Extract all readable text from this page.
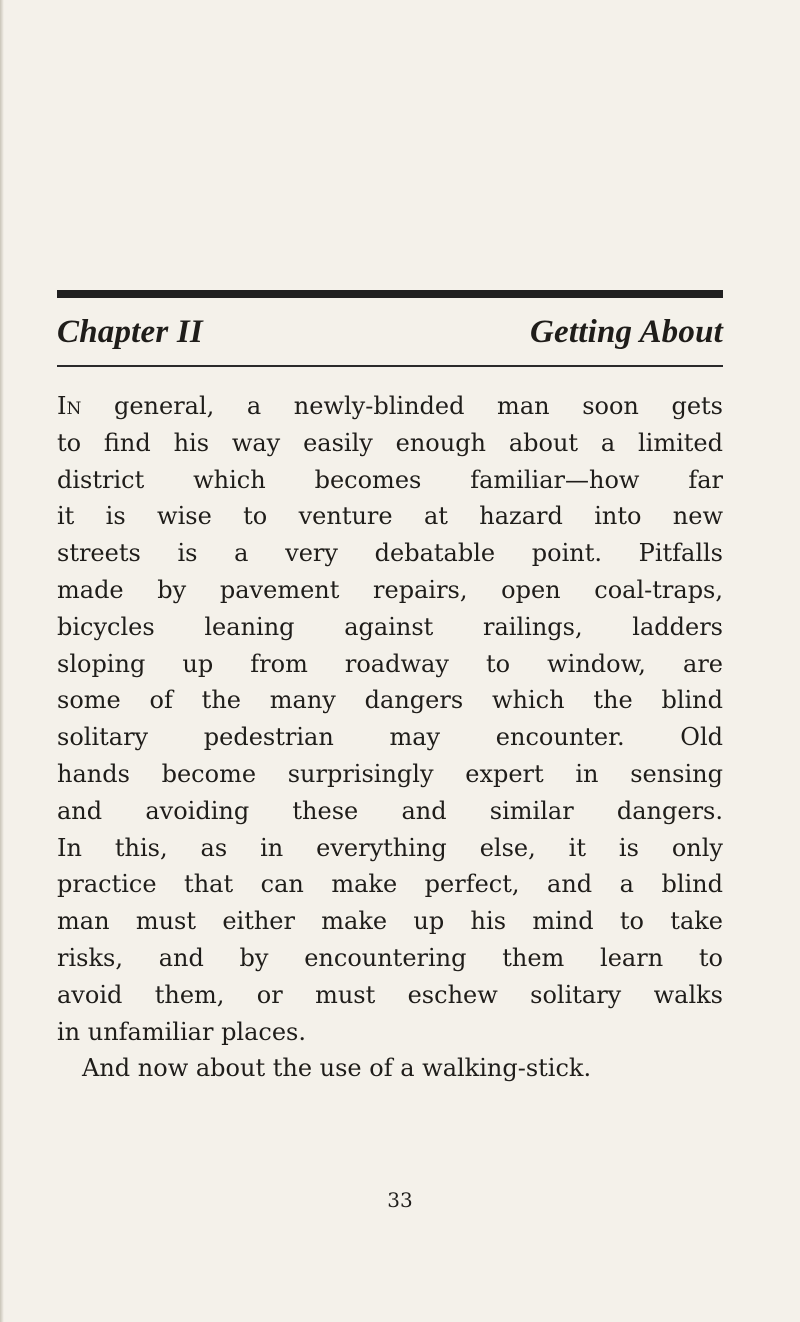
Chapter II	Getting About
In general, a newly-blinded man soon gets
to find his way easily enough about a limited
district which becomes familiar—how far
it is wise to venture at hazard into new
streets is a very debatable point. Pitfalls
made by pavement repairs, open coal-traps,
bicycles leaning against railings, ladders
sloping up from roadway to window, are
some of the many dangers which the blind
solitary pedestrian may encounter. Old
hands become surprisingly expert in sensing
and avoiding these and similar dangers.
In this, as in everything else, it is only
practice that can make perfect, and a blind
man must either make up his mind to take
risks, and by encountering them learn to
avoid them, or must eschew solitary walks
in unfamiliar places.
And now about the use of a walking-stick.
33
